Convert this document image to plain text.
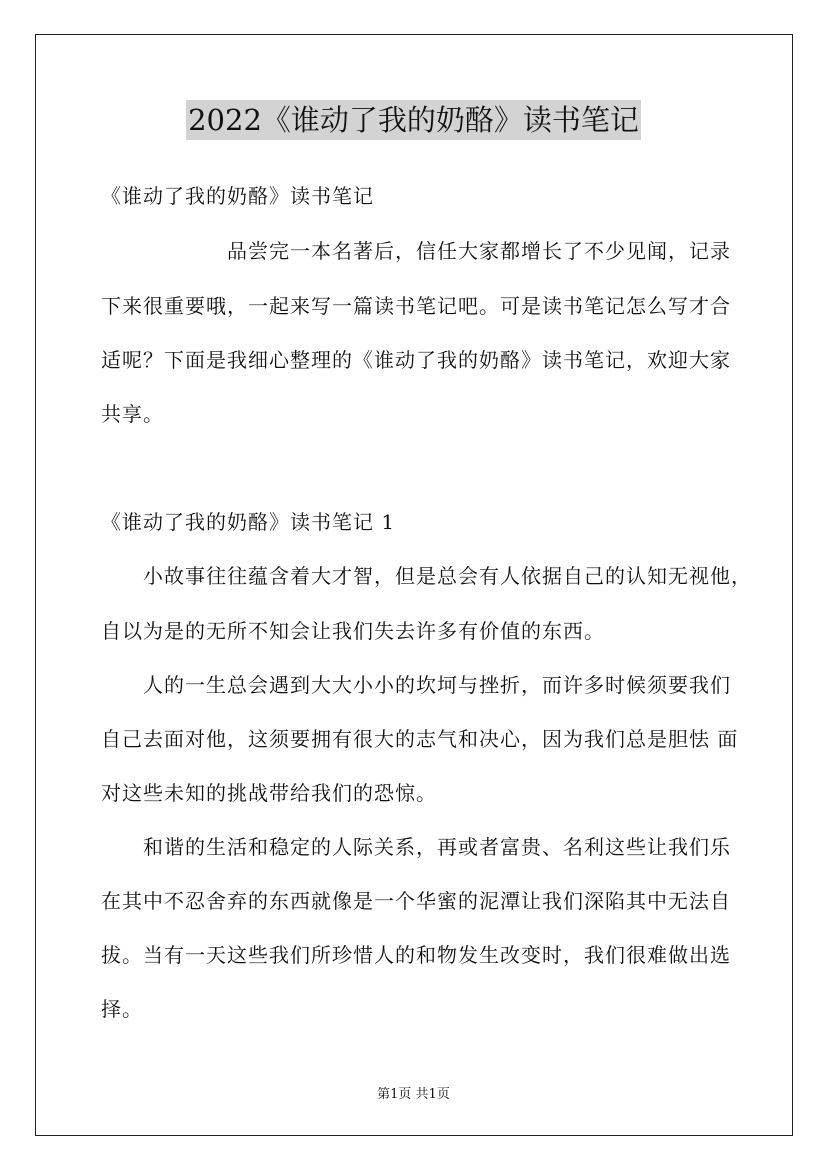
2022《谁动了我的奶酪》读书笔记
《谁动了我的奶酪》读书笔记
品尝完一本名著后，信任大家都增长了不少见闻，记录
下来很重要哦，一起来写一篇读书笔记吧。可是读书笔记怎么写才合
适呢？下面是我细心整理的《谁动了我的奶酪》读书笔记，欢迎大家
共享。
《谁动了我的奶酪》读书笔记 1
小故事往往蕴含着大才智，但是总会有人依据自己的认知无视他，
自以为是的无所不知会让我们失去许多有价值的东西。
人的一生总会遇到大大小小的坎坷与挫折，而许多时候须要我们
自己去面对他，这须要拥有很大的志气和决心，因为我们总是胆怯 面
对这些未知的挑战带给我们的恐惊。
和谐的生活和稳定的人际关系，再或者富贵、名利这些让我们乐
在其中不忍舍弃的东西就像是一个华蜜的泥潭让我们深陷其中无法自
拔。当有一天这些我们所珍惜人的和物发生改变时，我们很难做出选
择。
第1页 共1页
